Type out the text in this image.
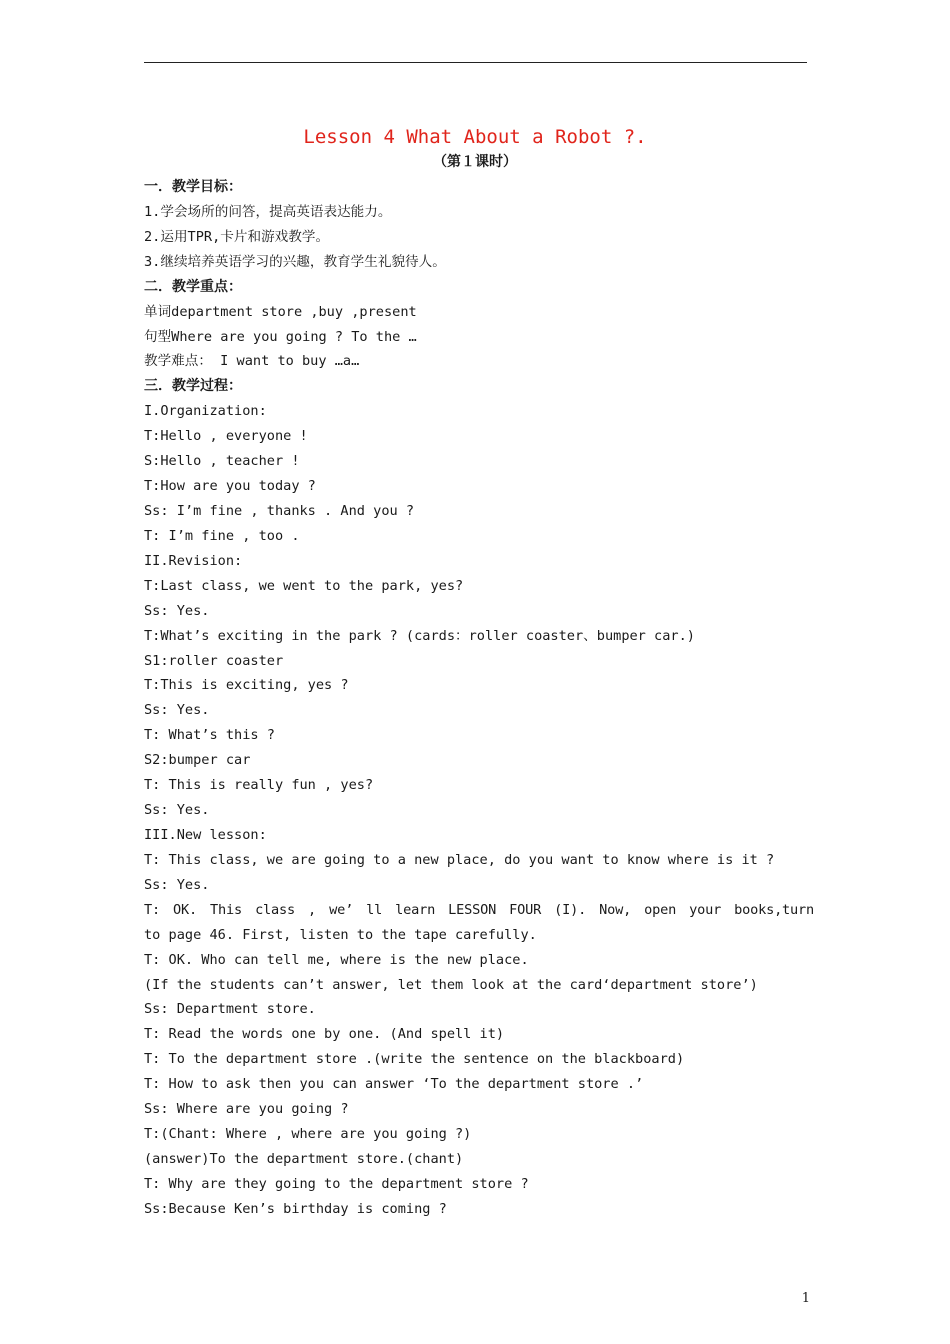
Lesson 4 What About a Robot ?.
（第１课时）
一．教学目标：
1.学会场所的问答，提高英语表达能力。
2.运用TPR,卡片和游戏教学。
3.继续培养英语学习的兴趣，教育学生礼貌待人。
二．教学重点：
单词department store ,buy ,present
句型Where are you going ? To the …
教学难点： I want to buy …a…
三．教学过程：
I.Organization:
T:Hello , everyone !
S:Hello , teacher !
T:How are you today ?
Ss: I’m fine , thanks . And you ?
T: I’m fine , too .
II.Revision:
T:Last class, we went to the park, yes?
Ss: Yes.
T:What’s exciting in the park ? (cards：roller coaster、bumper car.)
S1:roller coaster
T:This is exciting, yes ?
Ss: Yes.
T: What’s this ?
S2:bumper car
T: This is really fun , yes?
Ss: Yes.
III.New lesson:
T: This class, we are going to a new place, do you want to know where is it ?
Ss: Yes.
T: OK. This class , we’ ll learn LESSON FOUR (I). Now, open your books,turn
to page 46. First, listen to the tape carefully.
T: OK. Who can tell me, where is the new place.
(If the students can’t answer, let them look at the card‘department store’)
Ss: Department store.
T: Read the words one by one. (And spell it)
T: To the department store .(write the sentence on the blackboard)
T: How to ask then you can answer ‘To the department store .’
Ss: Where are you going ?
T:(Chant: Where , where are you going ?)
(answer)To the department store.(chant)
T: Why are they going to the department store ?
Ss:Because Ken’s birthday is coming ?
1
